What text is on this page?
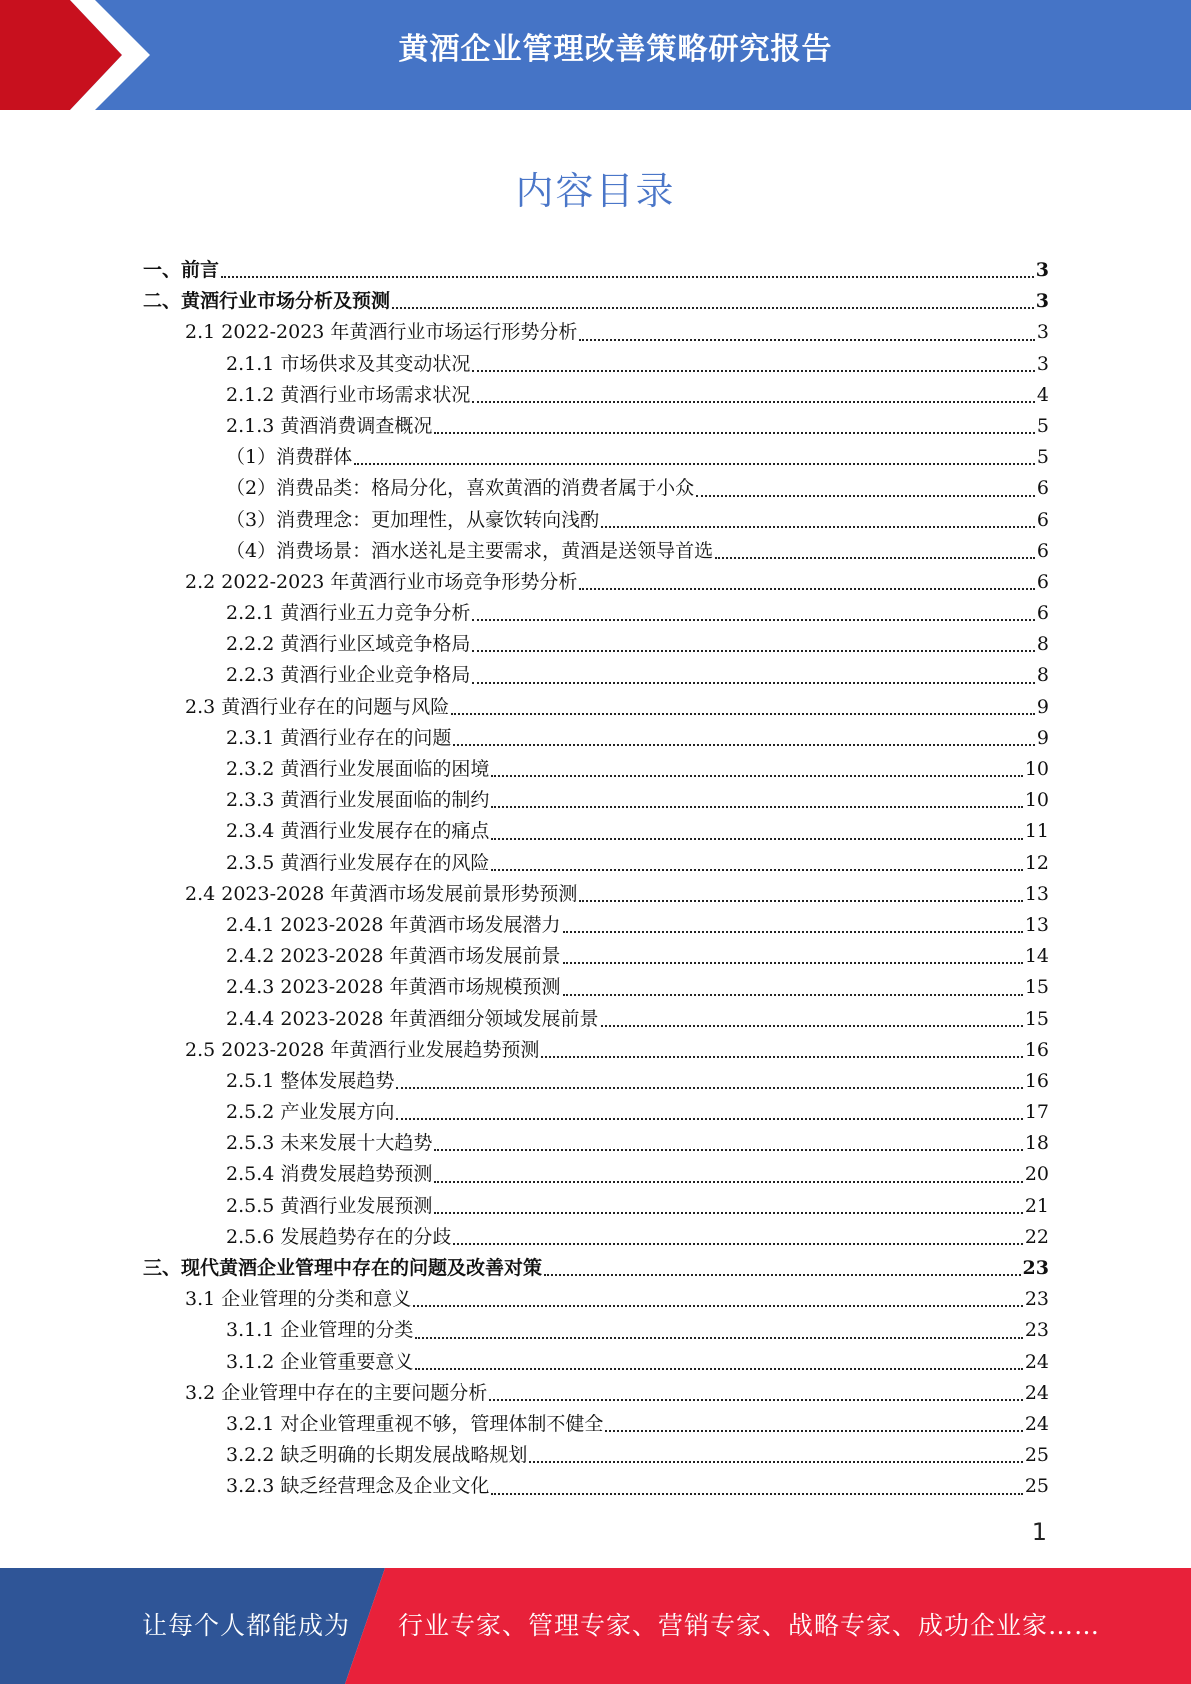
黄酒企业管理改善策略研究报告
内容目录
一、前言	3
二、黄酒行业市场分析及预测	3
2.1 2022-2023 年黄酒行业市场运行形势分析	3
2.1.1 市场供求及其变动状况	3
2.1.2 黄酒行业市场需求状况	4
2.1.3 黄酒消费调查概况	5
（1）消费群体	5
（2）消费品类：格局分化，喜欢黄酒的消费者属于小众	6
（3）消费理念：更加理性，从豪饮转向浅酌	6
（4）消费场景：酒水送礼是主要需求，黄酒是送领导首选	6
2.2 2022-2023 年黄酒行业市场竞争形势分析	6
2.2.1 黄酒行业五力竞争分析	6
2.2.2 黄酒行业区域竞争格局	8
2.2.3 黄酒行业企业竞争格局	8
2.3 黄酒行业存在的问题与风险	9
2.3.1 黄酒行业存在的问题	9
2.3.2 黄酒行业发展面临的困境	10
2.3.3 黄酒行业发展面临的制约	10
2.3.4 黄酒行业发展存在的痛点	11
2.3.5 黄酒行业发展存在的风险	12
2.4 2023-2028 年黄酒市场发展前景形势预测	13
2.4.1 2023-2028 年黄酒市场发展潜力	13
2.4.2 2023-2028 年黄酒市场发展前景	14
2.4.3 2023-2028 年黄酒市场规模预测	15
2.4.4 2023-2028 年黄酒细分领域发展前景	15
2.5 2023-2028 年黄酒行业发展趋势预测	16
2.5.1 整体发展趋势	16
2.5.2 产业发展方向	17
2.5.3 未来发展十大趋势	18
2.5.4 消费发展趋势预测	20
2.5.5 黄酒行业发展预测	21
2.5.6 发展趋势存在的分歧	22
三、现代黄酒企业管理中存在的问题及改善对策	23
3.1 企业管理的分类和意义	23
3.1.1 企业管理的分类	23
3.1.2 企业管重要意义	24
3.2 企业管理中存在的主要问题分析	24
3.2.1 对企业管理重视不够，管理体制不健全	24
3.2.2 缺乏明确的长期发展战略规划	25
3.2.3 缺乏经营理念及企业文化	25
1
让每个人都能成为 行业专家、管理专家、营销专家、战略专家、成功企业家……
